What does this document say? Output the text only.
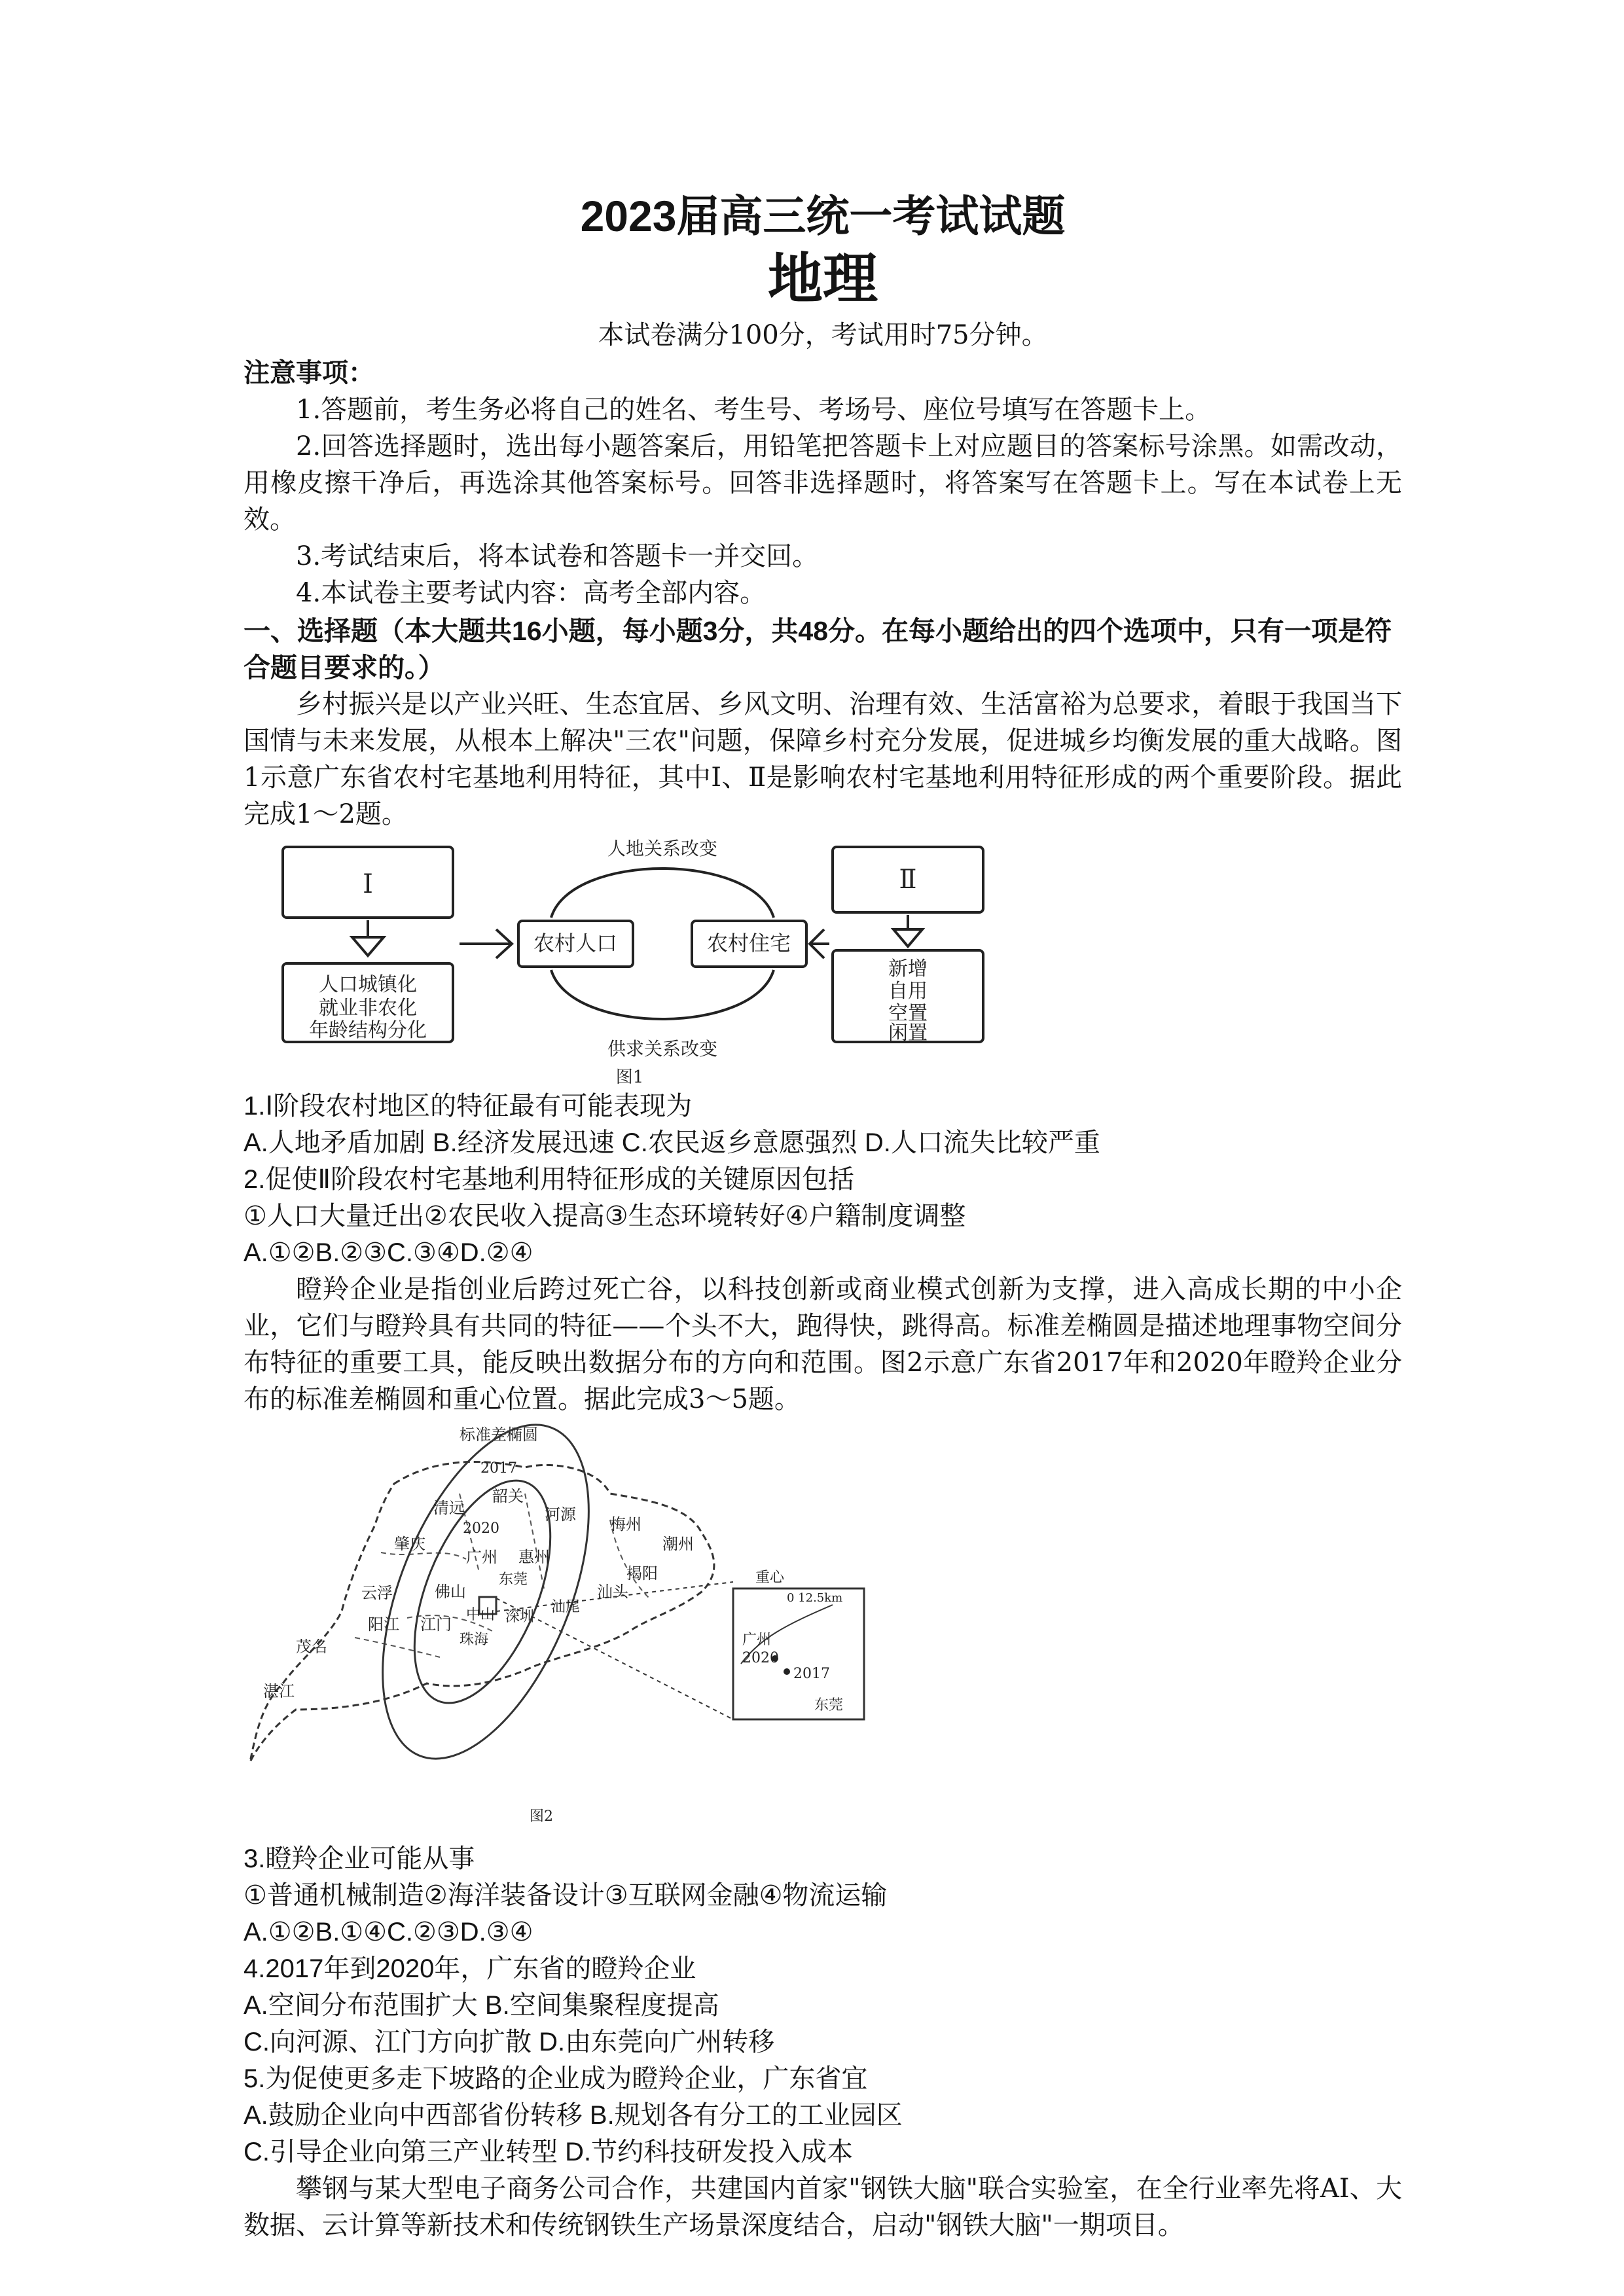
2023届高三统一考试试题
地理
本试卷满分100分，考试用时75分钟。
注意事项：

1.答题前，考生务必将自己的姓名、考生号、考场号、座位号填写在答题卡上。

2.回答选择题时，选出每小题答案后，用铅笔把答题卡上对应题目的答案标号涂黑。如需改动，用橡皮擦干净后，再选涂其他答案标号。回答非选择题时，将答案写在答题卡上。写在本试卷上无效。

3.考试结束后，将本试卷和答题卡一并交回。

4.本试卷主要考试内容：高考全部内容。

一、选择题（本大题共16小题，每小题3分，共48分。在每小题给出的四个选项中，只有一项是符合题目要求的。）

乡村振兴是以产业兴旺、生态宜居、乡风文明、治理有效、生活富裕为总要求，着眼于我国当下国情与未来发展，从根本上解决"三农"问题，保障乡村充分发展，促进城乡均衡发展的重大战略。图1示意广东省农村宅基地利用特征，其中Ⅰ、Ⅱ是影响农村宅基地利用特征形成的两个重要阶段。据此完成1～2题。

Ⅰ	Ⅱ
人口城镇化
就业非农化
年龄结构分化
新增
自用
空置
闲置
农村人口	农村住宅
人地关系改变
供求关系改变
图1

1.Ⅰ阶段农村地区的特征最有可能表现为

A.人地矛盾加剧 B.经济发展迅速 C.农民返乡意愿强烈 D.人口流失比较严重

2.促使Ⅱ阶段农村宅基地利用特征形成的关键原因包括

①人口大量迁出②农民收入提高③生态环境转好④户籍制度调整

A.①②B.②③C.③④D.②④

瞪羚企业是指创业后跨过死亡谷，以科技创新或商业模式创新为支撑，进入高成长期的中小企业，它们与瞪羚具有共同的特征——个头不大，跑得快，跳得高。标准差椭圆是描述地理事物空间分布特征的重要工具，能反映出数据分布的方向和范围。图2示意广东省2017年和2020年瞪羚企业分布的标准差椭圆和重心位置。据此完成3～5题。

标准差椭圆
重心
0 12.5km
广州
2020
2017
东莞
2017
2020
清远
韶关
河源
梅州
潮州
肇庆
广州 惠州
揭阳
汕头
云浮	佛山
东莞
汕尾
深圳
中山
江门
珠海
阳江
茂名
湛江
图2

3.瞪羚企业可能从事

①普通机械制造②海洋装备设计③互联网金融④物流运输

A.①②B.①④C.②③D.③④

4.2017年到2020年，广东省的瞪羚企业

A.空间分布范围扩大 B.空间集聚程度提高

C.向河源、江门方向扩散 D.由东莞向广州转移

5.为促使更多走下坡路的企业成为瞪羚企业，广东省宜

A.鼓励企业向中西部省份转移 B.规划各有分工的工业园区

C.引导企业向第三产业转型 D.节约科技研发投入成本

攀钢与某大型电子商务公司合作，共建国内首家"钢铁大脑"联合实验室，在全行业率先将AI、大数据、云计算等新技术和传统钢铁生产场景深度结合，启动"钢铁大脑"一期项目。
